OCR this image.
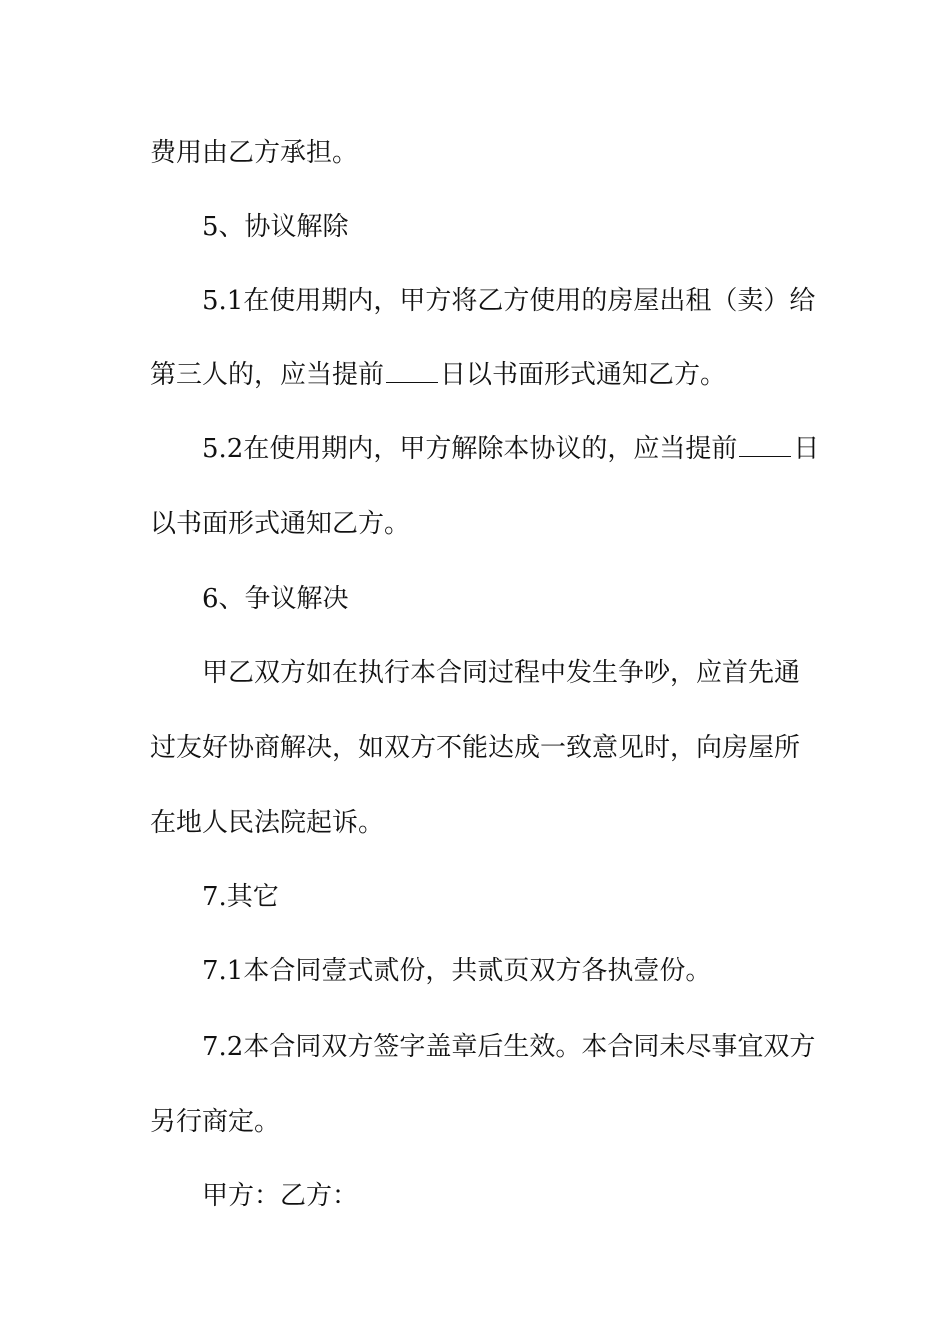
费用由乙方承担。
5、协议解除
5.1在使用期内，甲方将乙方使用的房屋出租（卖）给
第三人的，应当提前 日以书面形式通知乙方。
5.2在使用期内，甲方解除本协议的，应当提前 日
以书面形式通知乙方。
6、争议解决
甲乙双方如在执行本合同过程中发生争吵，应首先通
过友好协商解决，如双方不能达成一致意见时，向房屋所
在地人民法院起诉。
7.其它
7.1本合同壹式贰份，共贰页双方各执壹份。
7.2本合同双方签字盖章后生效。本合同未尽事宜双方
另行商定。
甲方：乙方：
